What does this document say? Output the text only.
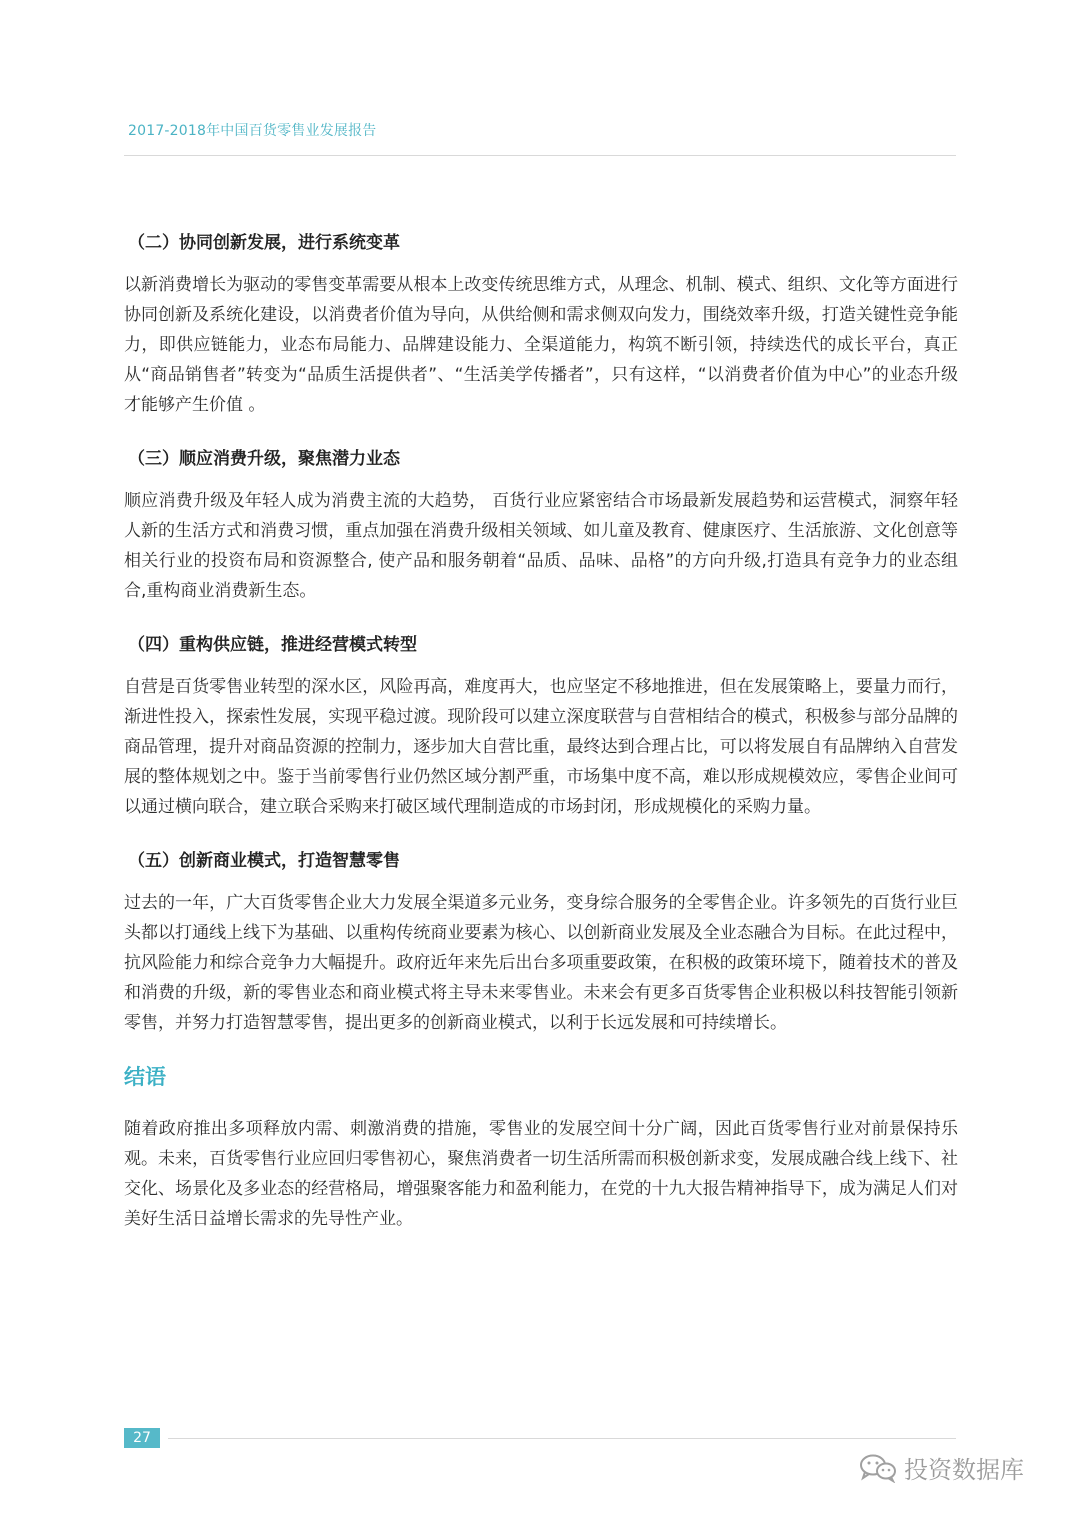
2017-2018年中国百货零售业发展报告
（二）协同创新发展，进行系统变革

以新消费增长为驱动的零售变革需要从根本上改变传统思维方式，从理念、机制、模式、组织、文化等方面进行协同创新及系统化建设，以消费者价值为导向，从供给侧和需求侧双向发力，围绕效率升级，打造关键性竞争能力，即供应链能力，业态布局能力、品牌建设能力、全渠道能力，构筑不断引领，持续迭代的成长平台，真正从“商品销售者”转变为“品质生活提供者”、“生活美学传播者”，只有这样，“以消费者价值为中心”的业态升级才能够产生价值 。

（三）顺应消费升级，聚焦潜力业态

顺应消费升级及年轻人成为消费主流的大趋势， 百货行业应紧密结合市场最新发展趋势和运营模式，洞察年轻人新的生活方式和消费习惯，重点加强在消费升级相关领域、如儿童及教育、健康医疗、生活旅游、文化创意等相关行业的投资布局和资源整合, 使产品和服务朝着“品质、品味、品格”的方向升级,打造具有竞争力的业态组合,重构商业消费新生态。

（四）重构供应链，推进经营模式转型

自营是百货零售业转型的深水区，风险再高，难度再大，也应坚定不移地推进，但在发展策略上，要量力而行，渐进性投入，探索性发展，实现平稳过渡。现阶段可以建立深度联营与自营相结合的模式，积极参与部分品牌的商品管理，提升对商品资源的控制力，逐步加大自营比重，最终达到合理占比，可以将发展自有品牌纳入自营发展的整体规划之中。鉴于当前零售行业仍然区域分割严重，市场集中度不高，难以形成规模效应，零售企业间可以通过横向联合，建立联合采购来打破区域代理制造成的市场封闭，形成规模化的采购力量。

（五）创新商业模式，打造智慧零售

过去的一年，广大百货零售企业大力发展全渠道多元业务，变身综合服务的全零售企业。许多领先的百货行业巨头都以打通线上线下为基础、以重构传统商业要素为核心、以创新商业发展及全业态融合为目标。在此过程中，抗风险能力和综合竞争力大幅提升。政府近年来先后出台多项重要政策，在积极的政策环境下，随着技术的普及和消费的升级，新的零售业态和商业模式将主导未来零售业。未来会有更多百货零售企业积极以科技智能引领新零售，并努力打造智慧零售，提出更多的创新商业模式，以利于长远发展和可持续增长。

结语

随着政府推出多项释放内需、刺激消费的措施，零售业的发展空间十分广阔，因此百货零售行业对前景保持乐观。未来，百货零售行业应回归零售初心，聚焦消费者一切生活所需而积极创新求变，发展成融合线上线下、社交化、场景化及多业态的经营格局，增强聚客能力和盈利能力，在党的十九大报告精神指导下，成为满足人们对美好生活日益增长需求的先导性产业。

27
投资数据库
